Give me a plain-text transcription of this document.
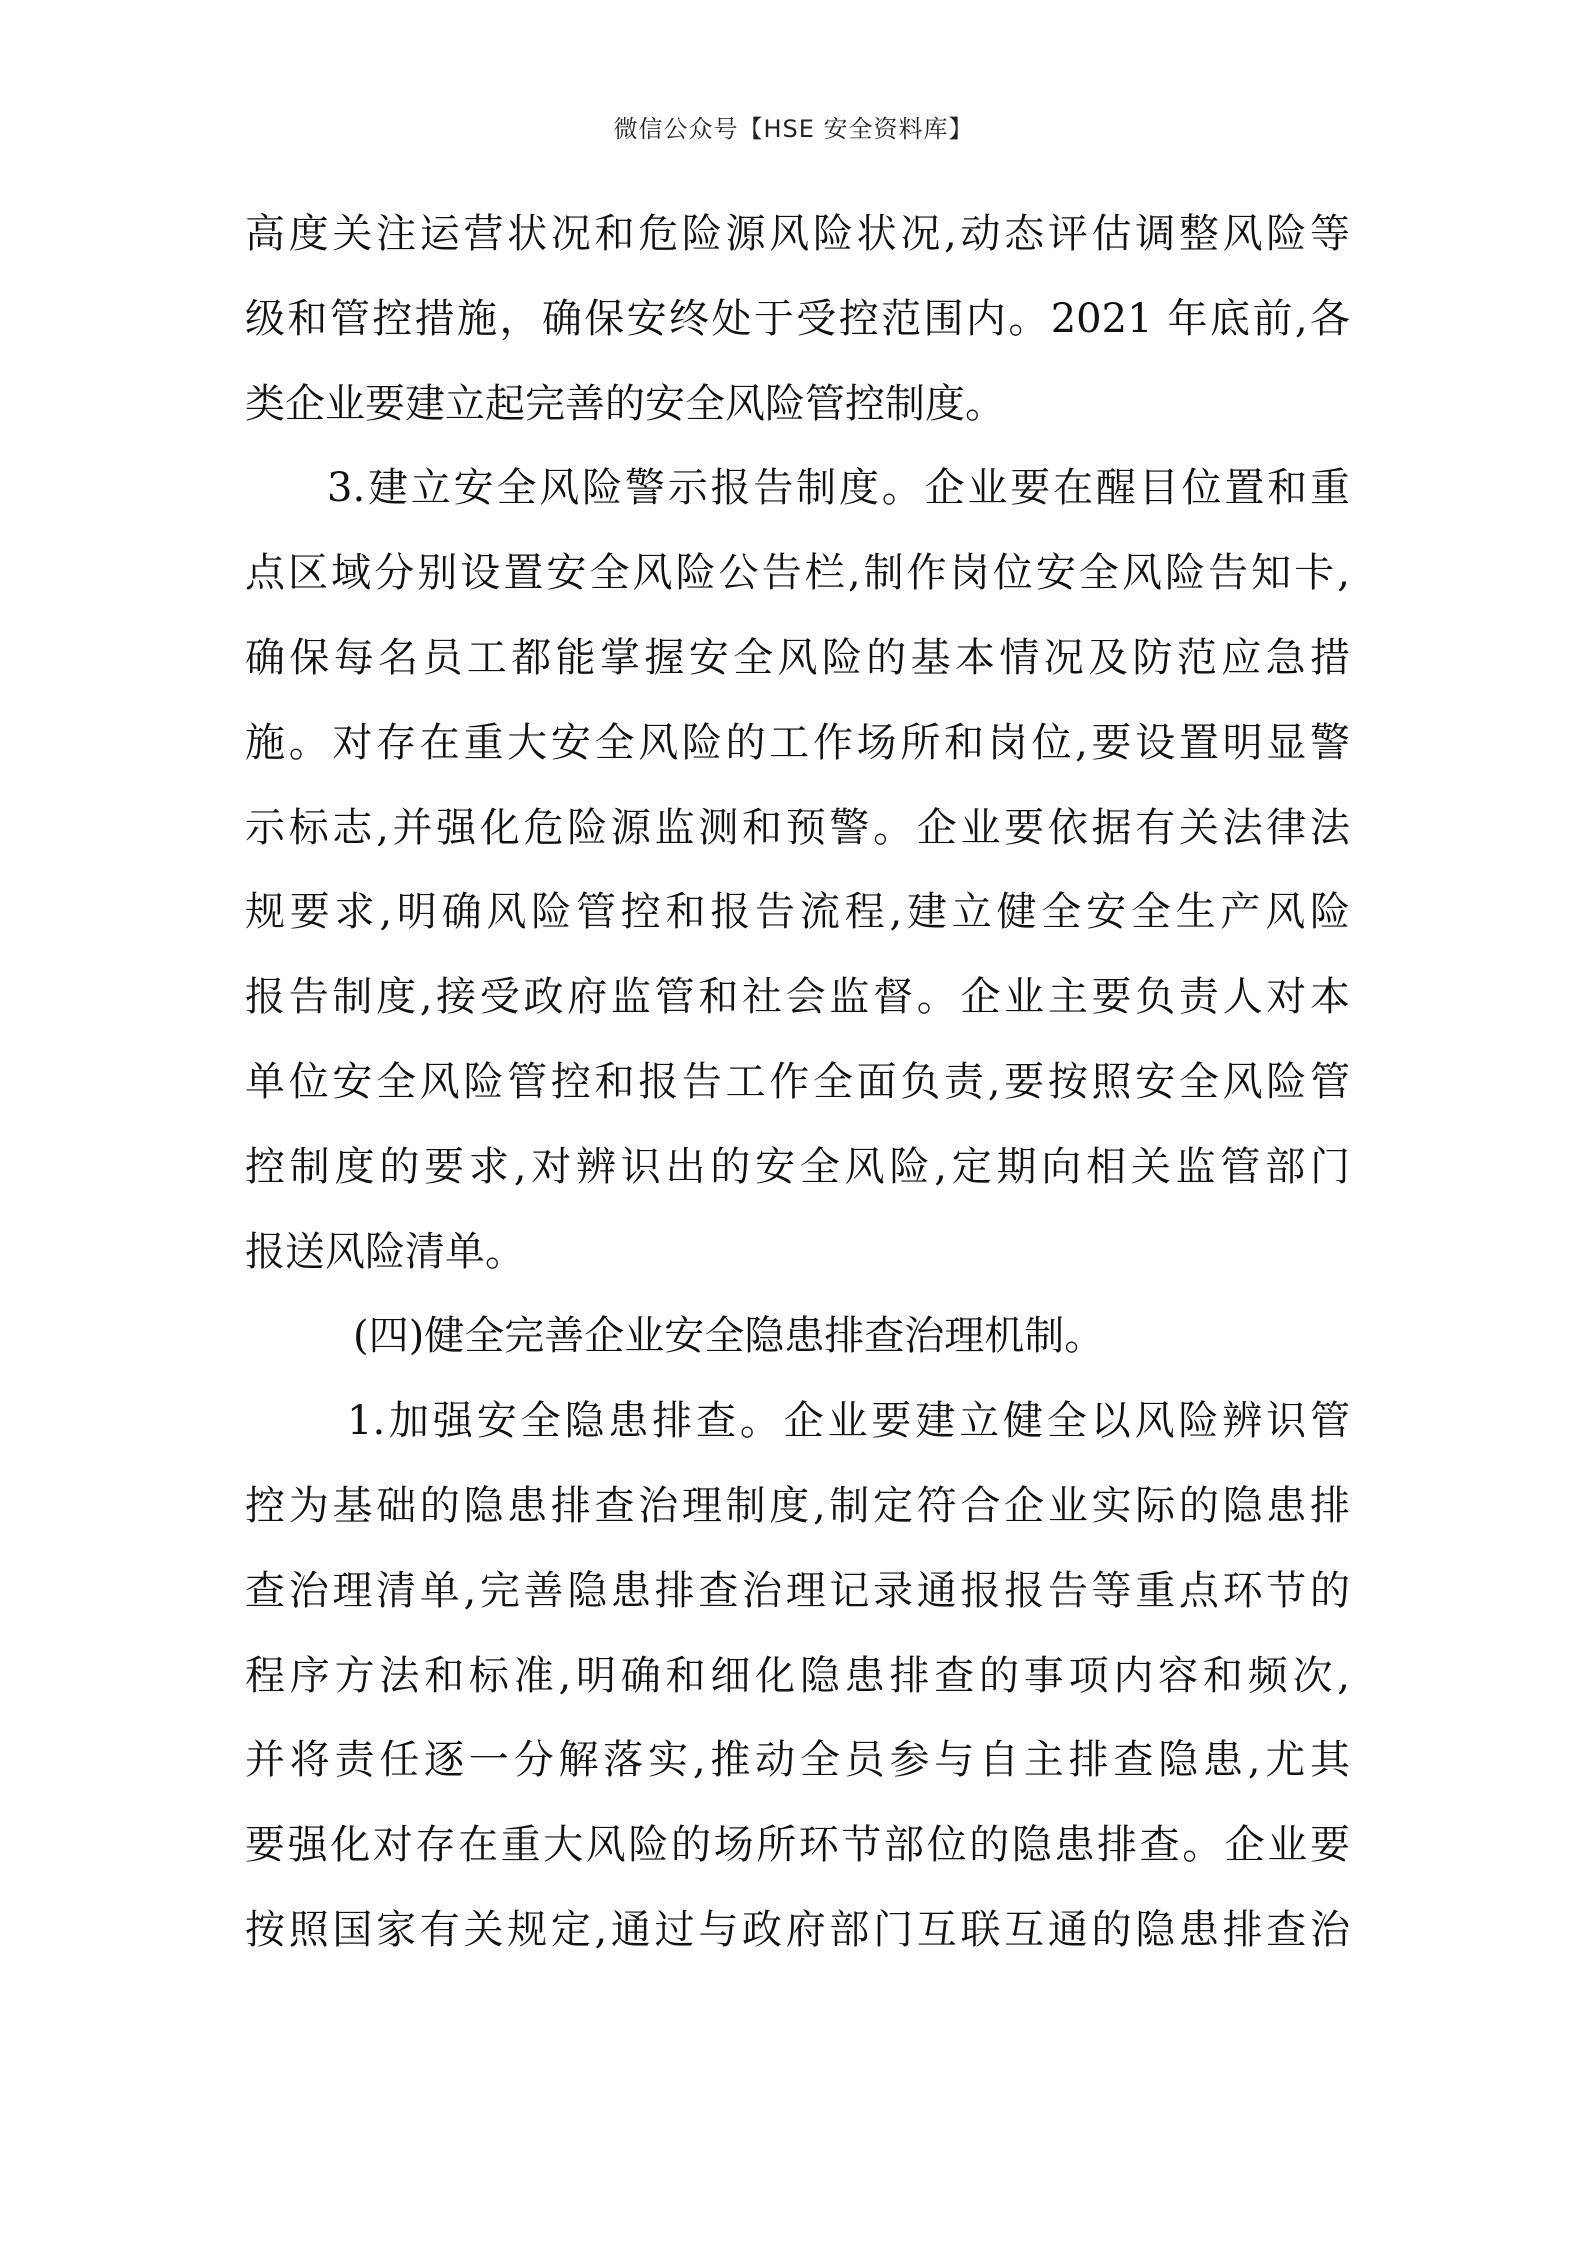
微信公众号【HSE 安全资料库】
高度关注运营状况和危险源风险状况,动态评估调整风险等
级和管控措施，确保安终处于受控范围内。2021 年底前,各
类企业要建立起完善的安全风险管控制度。
3.建立安全风险警示报告制度。企业要在醒目位置和重
点区域分别设置安全风险公告栏,制作岗位安全风险告知卡,
确保每名员工都能掌握安全风险的基本情况及防范应急措
施。对存在重大安全风险的工作场所和岗位,要设置明显警
示标志,并强化危险源监测和预警。企业要依据有关法律法
规要求,明确风险管控和报告流程,建立健全安全生产风险
报告制度,接受政府监管和社会监督。企业主要负责人对本
单位安全风险管控和报告工作全面负责,要按照安全风险管
控制度的要求,对辨识出的安全风险,定期向相关监管部门
报送风险清单。
(四)健全完善企业安全隐患排查治理机制。
1.加强安全隐患排查。企业要建立健全以风险辨识管
控为基础的隐患排查治理制度,制定符合企业实际的隐患排
查治理清单,完善隐患排查治理记录通报报告等重点环节的
程序方法和标准,明确和细化隐患排查的事项内容和频次,
并将责任逐一分解落实,推动全员参与自主排查隐患,尤其
要强化对存在重大风险的场所环节部位的隐患排查。企业要
按照国家有关规定,通过与政府部门互联互通的隐患排查治
